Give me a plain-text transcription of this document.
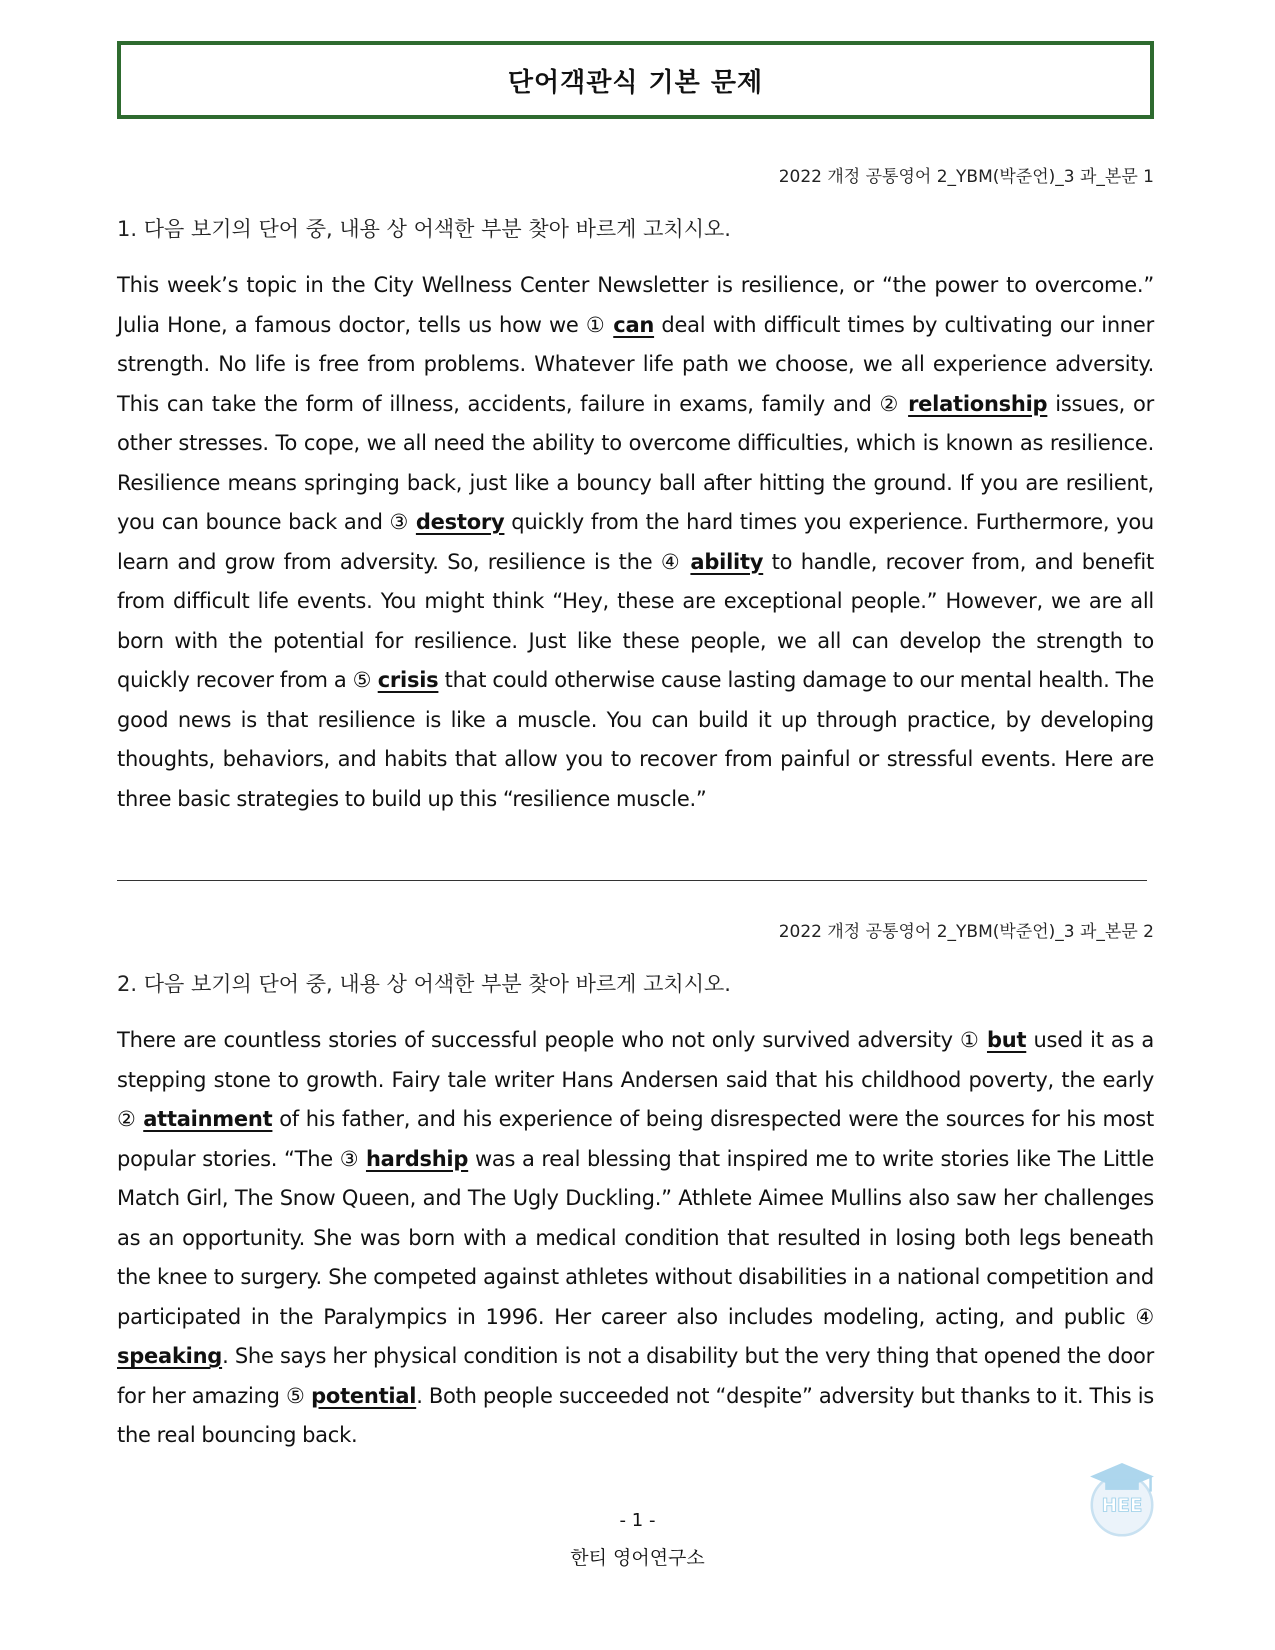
단어객관식 기본 문제
2022 개정 공통영어 2_YBM(박준언)_3 과_본문 1
1. 다음 보기의 단어 중, 내용 상 어색한 부분 찾아 바르게 고치시오.
This week’s topic in the City Wellness Center Newsletter is resilience, or “the power to overcome.” Julia Hone, a famous doctor, tells us how we ① can deal with difficult times by cultivating our inner strength. No life is free from problems. Whatever life path we choose, we all experience adversity. This can take the form of illness, accidents, failure in exams, family and ② relationship issues, or other stresses. To cope, we all need the ability to overcome difficulties, which is known as resilience. Resilience means springing back, just like a bouncy ball after hitting the ground. If you are resilient, you can bounce back and ③ destory quickly from the hard times you experience. Furthermore, you learn and grow from adversity. So, resilience is the ④ ability to handle, recover from, and benefit from difficult life events. You might think “Hey, these are exceptional people.” However, we are all born with the potential for resilience. Just like these people, we all can develop the strength to quickly recover from a ⑤ crisis that could otherwise cause lasting damage to our mental health. The good news is that resilience is like a muscle. You can build it up through practice, by developing thoughts, behaviors, and habits that allow you to recover from painful or stressful events. Here are three basic strategies to build up this “resilience muscle.”
2022 개정 공통영어 2_YBM(박준언)_3 과_본문 2
2. 다음 보기의 단어 중, 내용 상 어색한 부분 찾아 바르게 고치시오.
There are countless stories of successful people who not only survived adversity ① but used it as a stepping stone to growth. Fairy tale writer Hans Andersen said that his childhood poverty, the early ② attainment of his father, and his experience of being disrespected were the sources for his most popular stories. “The ③ hardship was a real blessing that inspired me to write stories like The Little Match Girl, The Snow Queen, and The Ugly Duckling.” Athlete Aimee Mullins also saw her challenges as an opportunity. She was born with a medical condition that resulted in losing both legs beneath the knee to surgery. She competed against athletes without disabilities in a national competition and participated in the Paralympics in 1996. Her career also includes modeling, acting, and public ④ speaking. She says her physical condition is not a disability but the very thing that opened the door for her amazing ⑤ potential. Both people succeeded not “despite” adversity but thanks to it. This is the real bouncing back.
HEE
- 1 -
한티 영어연구소
